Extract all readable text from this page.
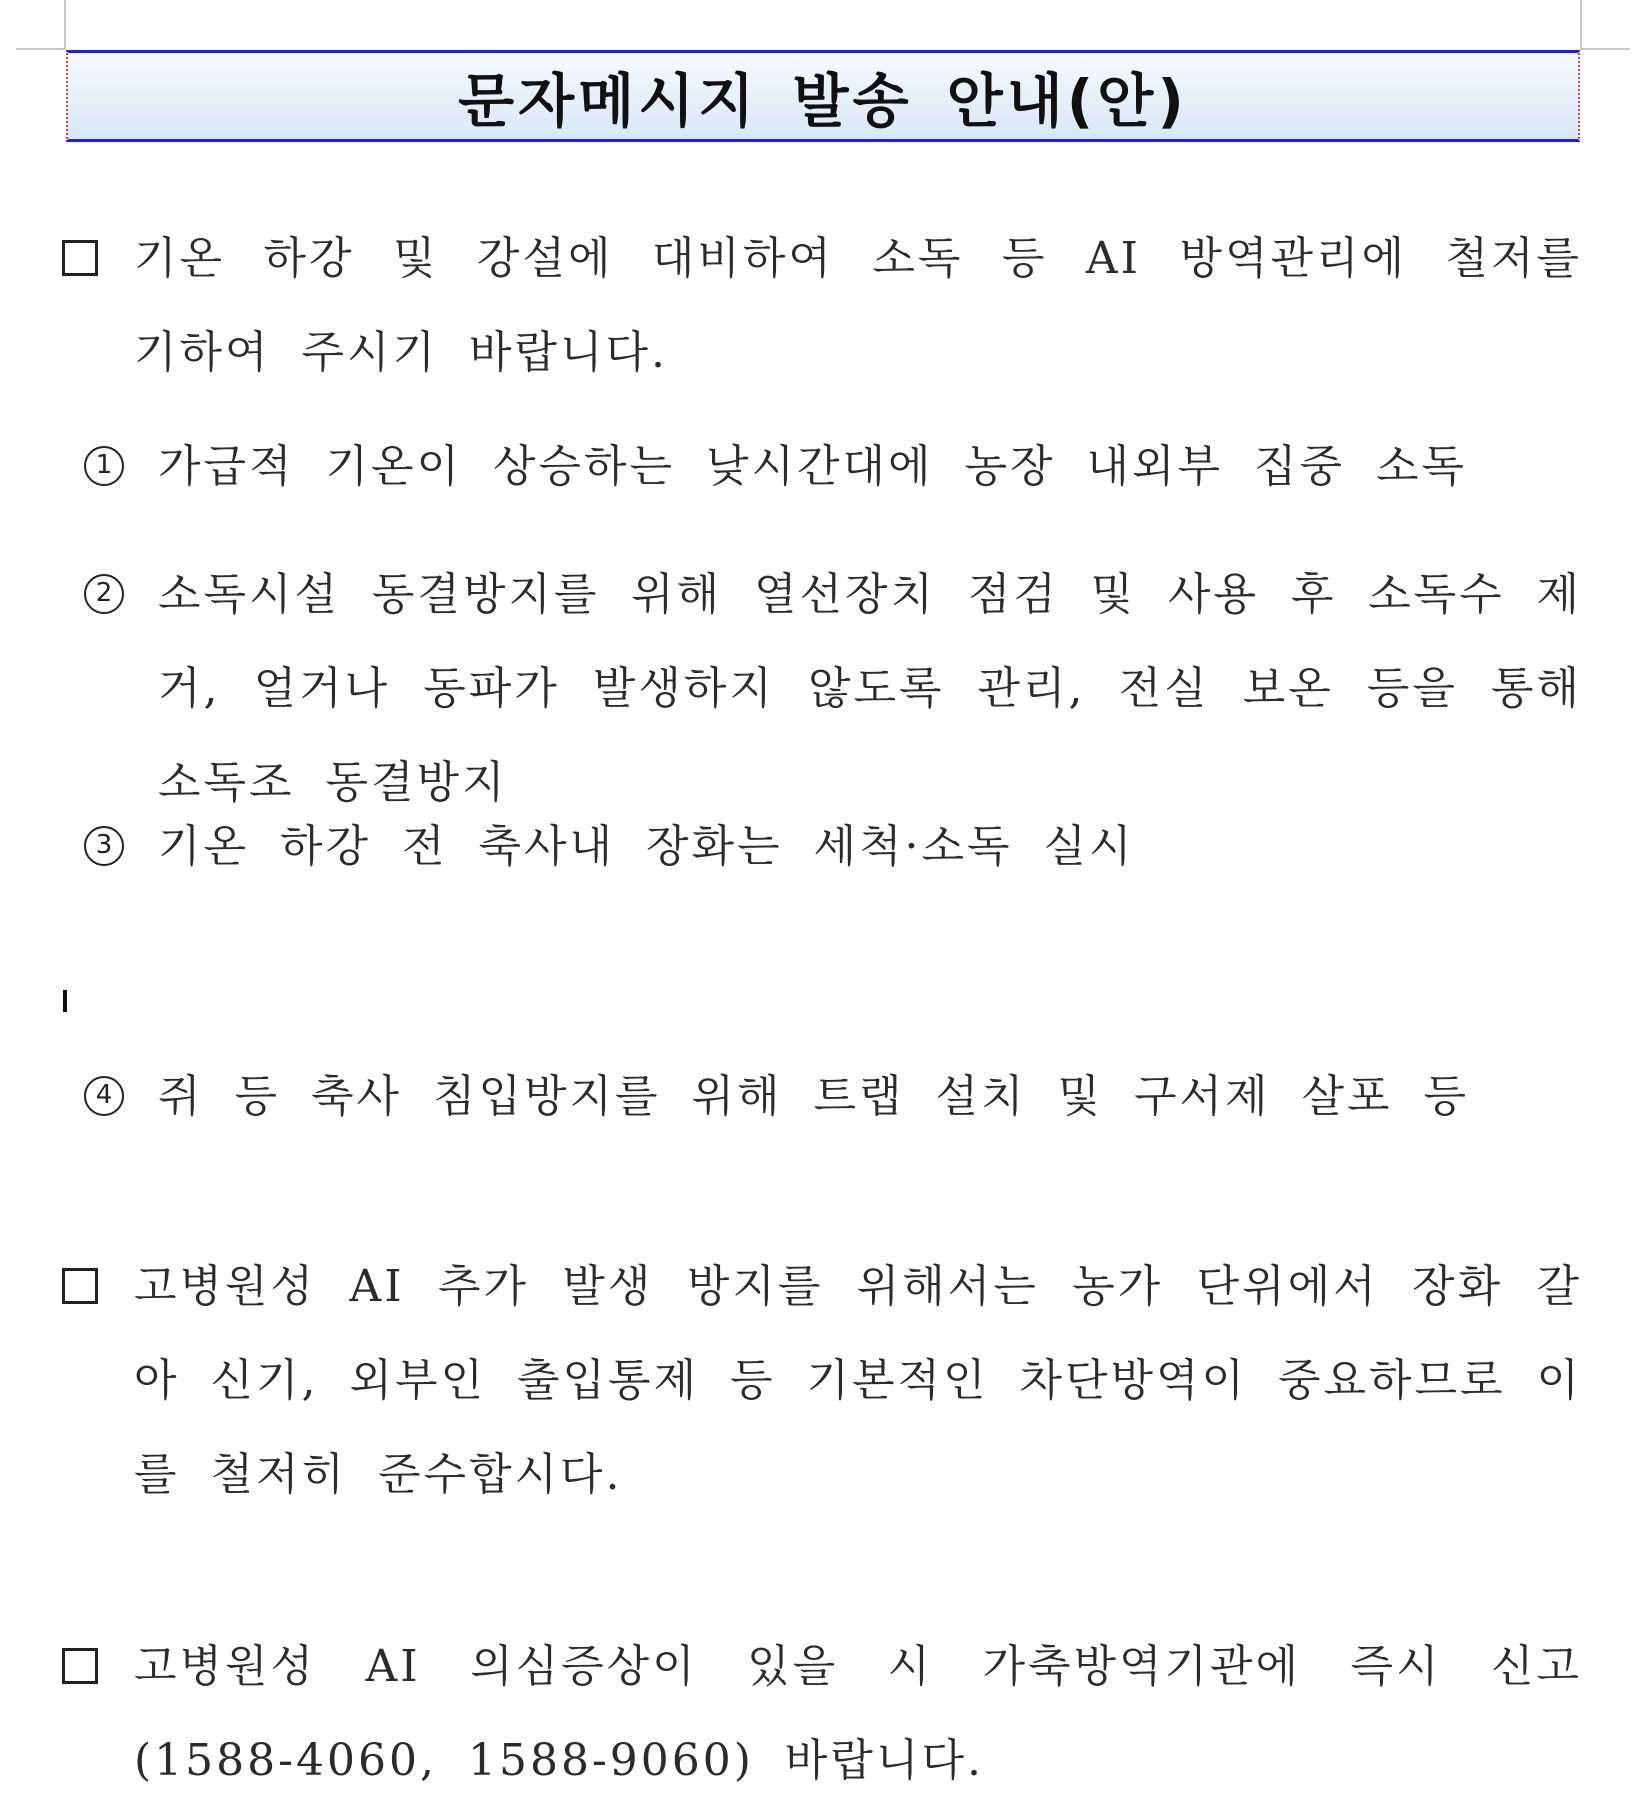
문자메시지 발송 안내(안)
기온 하강 및 강설에 대비하여 소독 등 AI 방역관리에 철저를 기하여 주시기 바랍니다.
1 가급적 기온이 상승하는 낮시간대에 농장 내외부 집중 소독
2 소독시설 동결방지를 위해 열선장치 점검 및 사용 후 소독수 제거, 얼거나 동파가 발생하지 않도록 관리, 전실 보온 등을 통해 소독조 동결방지
3 기온 하강 전 축사내 장화는 세척·소독 실시
4 쥐 등 축사 침입방지를 위해 트랩 설치 및 구서제 살포 등
고병원성 AI 추가 발생 방지를 위해서는 농가 단위에서 장화 갈아 신기, 외부인 출입통제 등 기본적인 차단방역이 중요하므로 이를 철저히 준수합시다.
고병원성 AI 의심증상이 있을 시 가축방역기관에 즉시 신고 (1588-4060, 1588-9060) 바랍니다.
